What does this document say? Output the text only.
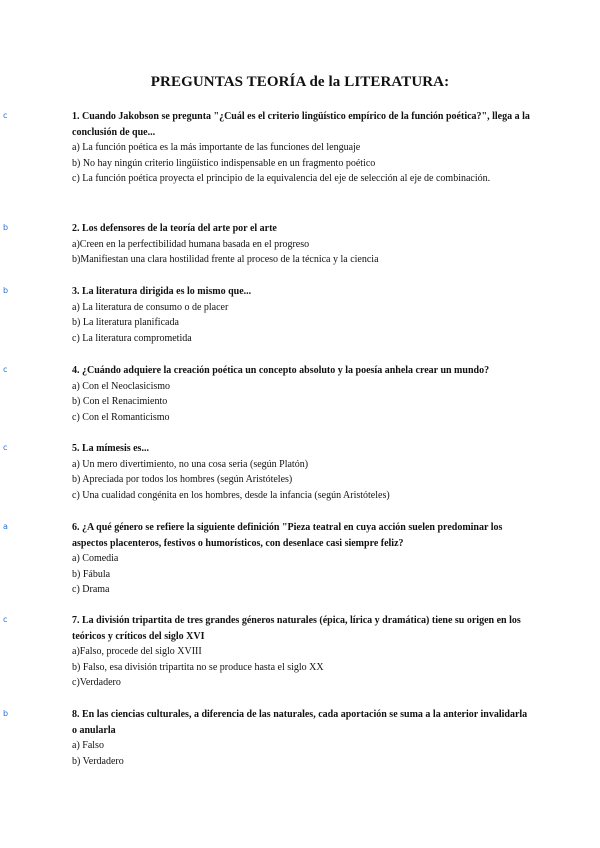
PREGUNTAS TEORÍA de la LITERATURA:
c	1. Cuando Jakobson se pregunta "¿Cuál es el criterio lingüístico empírico de la función poética?", llega a la conclusión de que...

a) La función poética es la más importante de las funciones del lenguaje

b) No hay ningún criterio lingüístico indispensable en un fragmento poético

c) La función poética proyecta el principio de la equivalencia del eje de selección al eje de combinación.

b	2. Los defensores de la teoría del arte por el arte

a)Creen en la perfectibilidad humana basada en el progreso

b)Manifiestan una clara hostilidad frente al proceso de la técnica y la ciencia

b	3. La literatura dirigida es lo mismo que...

a) La literatura de consumo o de placer

b) La literatura planificada

c) La literatura comprometida

c	4. ¿Cuándo adquiere la creación poética un concepto absoluto y la poesía anhela crear un mundo?

a) Con el Neoclasicismo

b) Con el Renacimiento

c) Con el Romanticismo

c	5. La mímesis es...

a) Un mero divertimiento, no una cosa seria (según Platón)

b) Apreciada por todos los hombres (según Aristóteles)

c) Una cualidad congénita en los hombres, desde la infancia (según Aristóteles)

a	6. ¿A qué género se refiere la siguiente definición "Pieza teatral en cuya acción suelen predominar los aspectos placenteros, festivos o humorísticos, con desenlace casi siempre feliz?

a) Comedia

b) Fábula

c) Drama

c	7. La división tripartita de tres grandes géneros naturales (épica, lírica y dramática) tiene su origen en los teóricos y críticos del siglo XVI

a)Falso, procede del siglo XVIII

b) Falso, esa división tripartita no se produce hasta el siglo XX

c)Verdadero

b	8. En las ciencias culturales, a diferencia de las naturales, cada aportación se suma a la anterior invalidarla o anularla

a) Falso

b) Verdadero
